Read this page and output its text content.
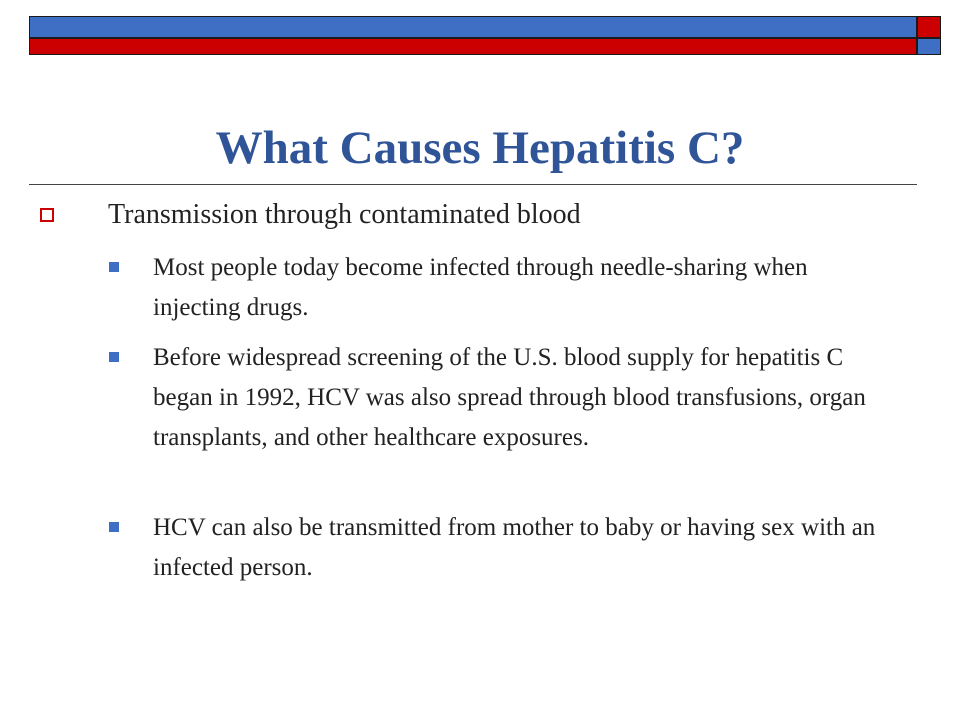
What Causes Hepatitis C?
Transmission through contaminated blood
Most people today become infected through needle-sharing when injecting drugs.
Before widespread screening of the U.S. blood supply for hepatitis C began in 1992, HCV was also spread through blood transfusions, organ transplants, and other healthcare exposures.
HCV can also be transmitted from mother to baby or having sex with an infected person.
